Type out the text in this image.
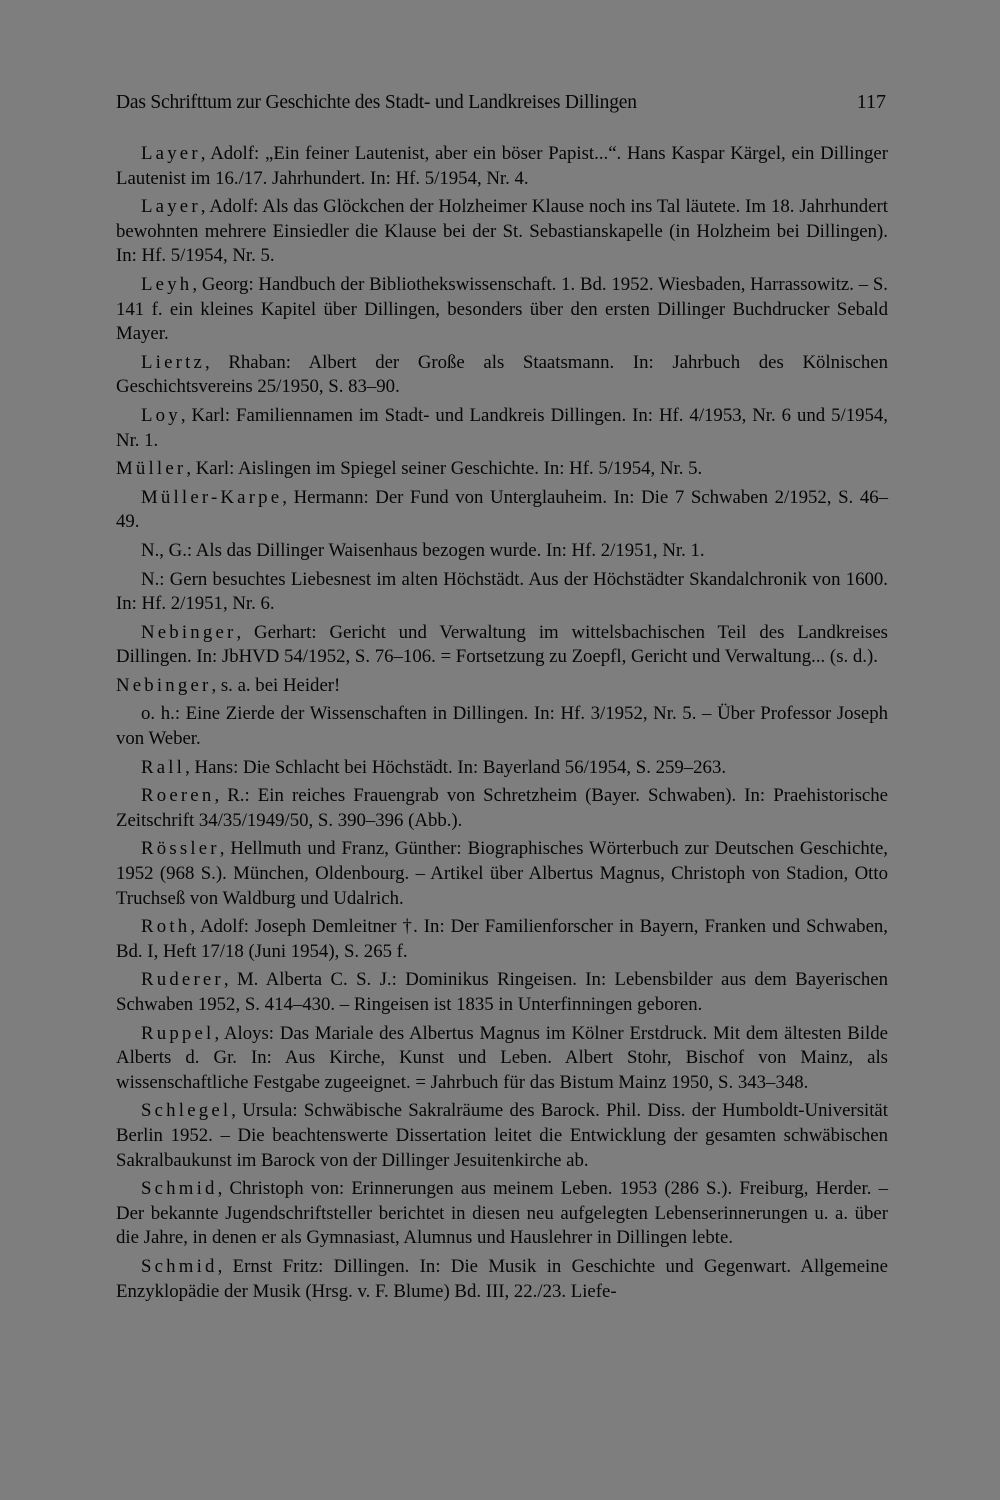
Das Schrifttum zur Geschichte des Stadt- und Landkreises Dillingen	117

Layer, Adolf: „Ein feiner Lautenist, aber ein böser Papist...“. Hans Kaspar Kärgel, ein Dillinger Lautenist im 16./17. Jahrhundert. In: Hf. 5/1954, Nr. 4.

Layer, Adolf: Als das Glöckchen der Holzheimer Klause noch ins Tal läutete. Im 18. Jahrhundert bewohnten mehrere Einsiedler die Klause bei der St. Sebastianskapelle (in Holzheim bei Dillingen). In: Hf. 5/1954, Nr. 5.

Leyh, Georg: Handbuch der Bibliothekswissenschaft. 1. Bd. 1952. Wiesbaden, Harrassowitz. – S. 141 f. ein kleines Kapitel über Dillingen, besonders über den ersten Dillinger Buchdrucker Sebald Mayer.

Liertz, Rhaban: Albert der Große als Staatsmann. In: Jahrbuch des Kölnischen Geschichtsvereins 25/1950, S. 83–90.

Loy, Karl: Familiennamen im Stadt- und Landkreis Dillingen. In: Hf. 4/1953, Nr. 6 und 5/1954, Nr. 1.

Müller, Karl: Aislingen im Spiegel seiner Geschichte. In: Hf. 5/1954, Nr. 5.

Müller-Karpe, Hermann: Der Fund von Unterglauheim. In: Die 7 Schwaben 2/1952, S. 46–49.

N., G.: Als das Dillinger Waisenhaus bezogen wurde. In: Hf. 2/1951, Nr. 1.

N.: Gern besuchtes Liebesnest im alten Höchstädt. Aus der Höchstädter Skandalchronik von 1600. In: Hf. 2/1951, Nr. 6.

Nebinger, Gerhart: Gericht und Verwaltung im wittelsbachischen Teil des Landkreises Dillingen. In: JbHVD 54/1952, S. 76–106. = Fortsetzung zu Zoepfl, Gericht und Verwaltung... (s. d.).

Nebinger, s. a. bei Heider!

o. h.: Eine Zierde der Wissenschaften in Dillingen. In: Hf. 3/1952, Nr. 5. – Über Professor Joseph von Weber.

Rall, Hans: Die Schlacht bei Höchstädt. In: Bayerland 56/1954, S. 259–263.

Roeren, R.: Ein reiches Frauengrab von Schretzheim (Bayer. Schwaben). In: Praehistorische Zeitschrift 34/35/1949/50, S. 390–396 (Abb.).

Rössler, Hellmuth und Franz, Günther: Biographisches Wörterbuch zur Deutschen Geschichte, 1952 (968 S.). München, Oldenbourg. – Artikel über Albertus Magnus, Christoph von Stadion, Otto Truchseß von Waldburg und Udalrich.

Roth, Adolf: Joseph Demleitner †. In: Der Familienforscher in Bayern, Franken und Schwaben, Bd. I, Heft 17/18 (Juni 1954), S. 265 f.

Ruderer, M. Alberta C. S. J.: Dominikus Ringeisen. In: Lebensbilder aus dem Bayerischen Schwaben 1952, S. 414–430. – Ringeisen ist 1835 in Unterfinningen geboren.

Ruppel, Aloys: Das Mariale des Albertus Magnus im Kölner Erstdruck. Mit dem ältesten Bilde Alberts d. Gr. In: Aus Kirche, Kunst und Leben. Albert Stohr, Bischof von Mainz, als wissenschaftliche Festgabe zugeeignet. = Jahrbuch für das Bistum Mainz 1950, S. 343–348.

Schlegel, Ursula: Schwäbische Sakralräume des Barock. Phil. Diss. der Humboldt-Universität Berlin 1952. – Die beachtenswerte Dissertation leitet die Entwicklung der gesamten schwäbischen Sakralbaukunst im Barock von der Dillinger Jesuitenkirche ab.

Schmid, Christoph von: Erinnerungen aus meinem Leben. 1953 (286 S.). Freiburg, Herder. – Der bekannte Jugendschriftsteller berichtet in diesen neu aufgelegten Lebenserinnerungen u. a. über die Jahre, in denen er als Gymnasiast, Alumnus und Hauslehrer in Dillingen lebte.

Schmid, Ernst Fritz: Dillingen. In: Die Musik in Geschichte und Gegenwart. Allgemeine Enzyklopädie der Musik (Hrsg. v. F. Blume) Bd. III, 22./23. Liefe-
